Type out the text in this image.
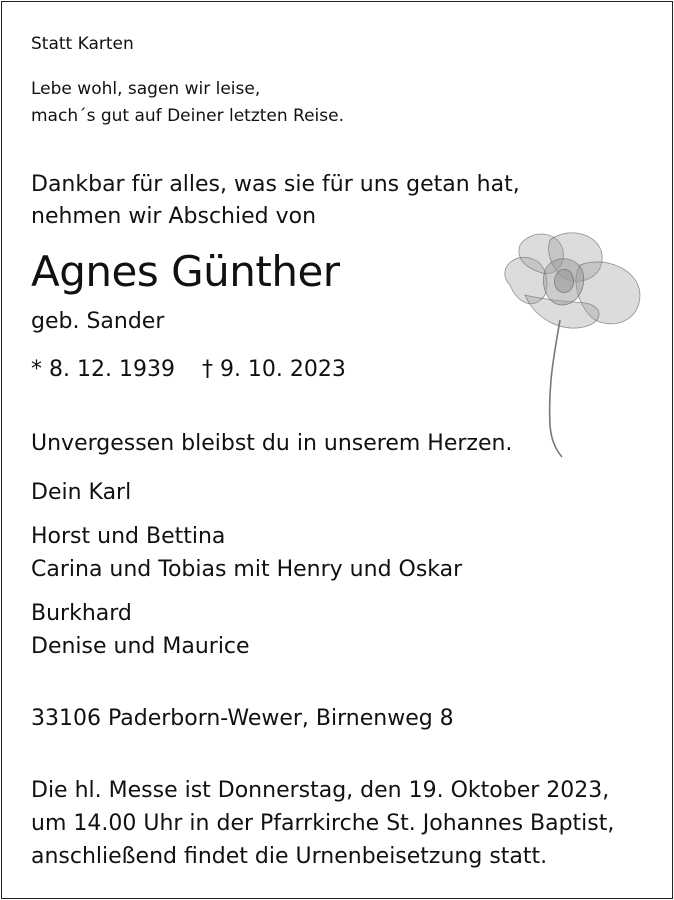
Statt Karten
Lebe wohl, sagen wir leise,
mach´s gut auf Deiner letzten Reise.
Dankbar für alles, was sie für uns getan hat,
nehmen wir Abschied von
Agnes Günther
geb. Sander
* 8. 12. 1939 † 9. 10. 2023
Unvergessen bleibst du in unserem Herzen.
Dein Karl
Horst und Bettina
Carina und Tobias mit Henry und Oskar
Burkhard
Denise und Maurice
33106 Paderborn-Wewer, Birnenweg 8
Die hl. Messe ist Donnerstag, den 19. Oktober 2023,
um 14.00 Uhr in der Pfarrkirche St. Johannes Baptist,
anschließend findet die Urnenbeisetzung statt.
